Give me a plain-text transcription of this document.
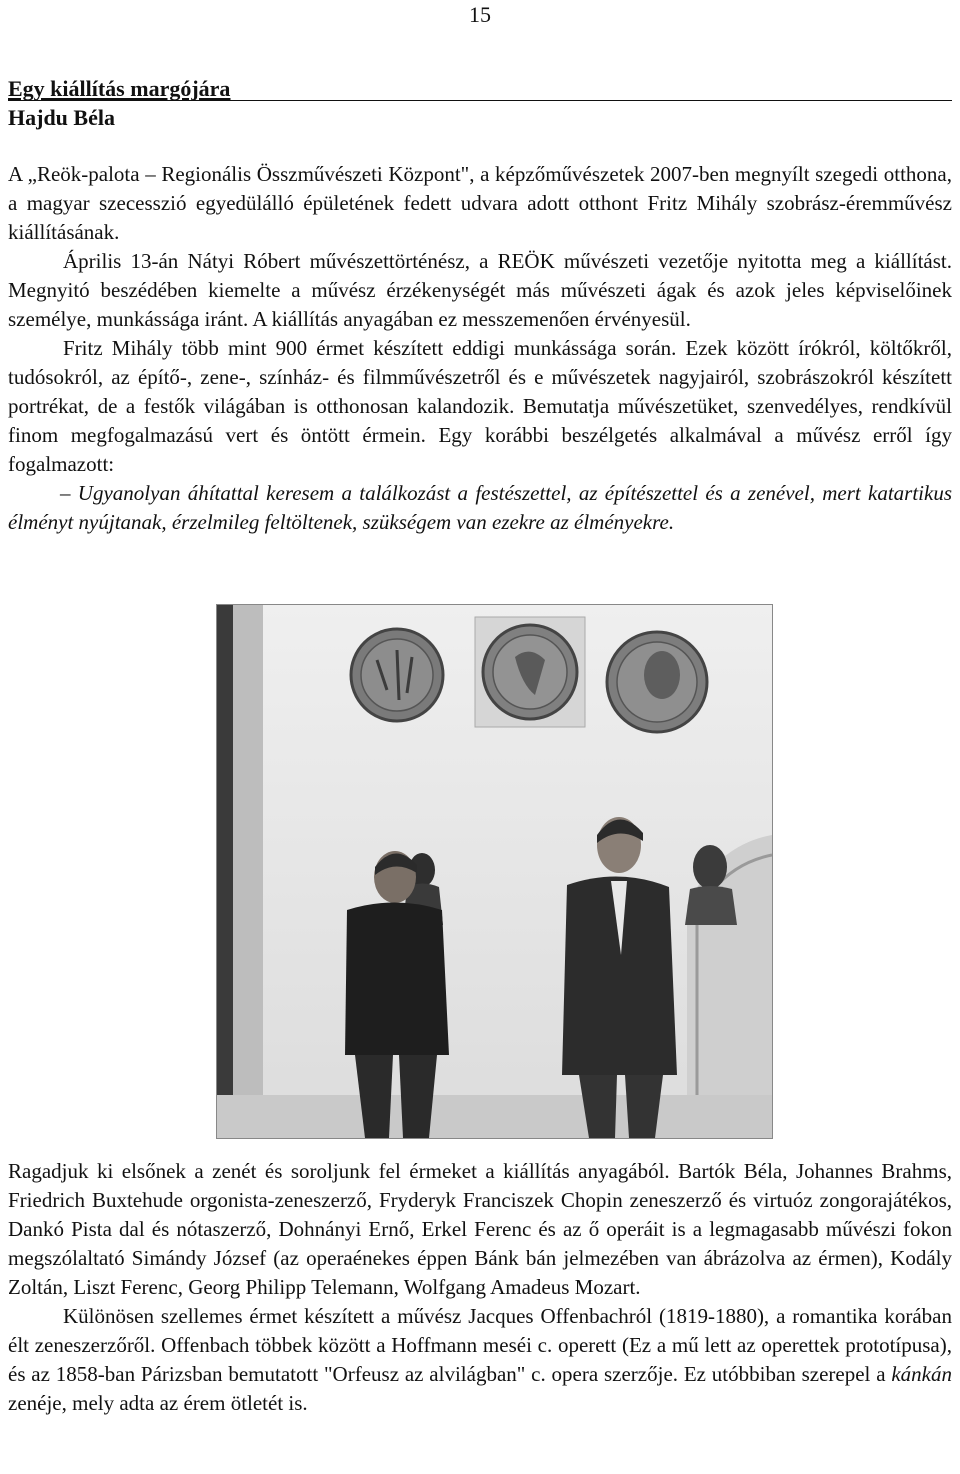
15
Egy kiállítás margójára
Hajdu Béla

A „Reök-palota – Regionális Összművészeti Központ", a képzőművészetek 2007-ben megnyílt szegedi otthona, a magyar szecesszió egyedülálló épületének fedett udvara adott otthont Fritz Mihály szobrász-éremművész kiállításának.

Április 13-án Nátyi Róbert művészettörténész, a REÖK művészeti vezetője nyitotta meg a kiállítást. Megnyitó beszédében kiemelte a művész érzékenységét más művészeti ágak és azok jeles képviselőinek személye, munkássága iránt. A kiállítás anyagában ez messzemenően érvényesül.

Fritz Mihály több mint 900 érmet készített eddigi munkássága során. Ezek között írókról, költőkről, tudósokról, az építő-, zene-, színház- és filmművészetről és e művészetek nagyjairól, szobrászokról készített portrékat, de a festők világában is otthonosan kalandozik. Bemutatja művészetüket, szenvedélyes, rendkívül finom megfogalmazású vert és öntött érmein. Egy korábbi beszélgetés alkalmával a művész erről így fogalmazott:

– Ugyanolyan áhítattal keresem a találkozást a festészettel, az építészettel és a zenével, mert katartikus élményt nyújtanak, érzelmileg feltöltenek, szükségem van ezekre az élményekre.

Ragadjuk ki elsőnek a zenét és soroljunk fel érmeket a kiállítás anyagából. Bartók Béla, Johannes Brahms, Friedrich Buxtehude orgonista-zeneszerző, Fryderyk Franciszek Chopin zeneszerző és virtuóz zongorajátékos, Dankó Pista dal és nótaszerző, Dohnányi Ernő, Erkel Ferenc és az ő operáit is a legmagasabb művészi fokon megszólaltató Simándy József (az operaénekes éppen Bánk bán jelmezében van ábrázolva az érmen), Kodály Zoltán, Liszt Ferenc, Georg Philipp Telemann, Wolfgang Amadeus Mozart.

Különösen szellemes érmet készített a művész Jacques Offenbachról (1819-1880), a romantika korában élt zeneszerzőről. Offenbach többek között a Hoffmann meséi c. operett (Ez a mű lett az operettek prototípusa), és az 1858-ban Párizsban bemutatott "Orfeusz az alvilágban" c. opera szerzője. Ez utóbbiban szerepel a kánkán zenéje, mely adta az érem ötletét is.
